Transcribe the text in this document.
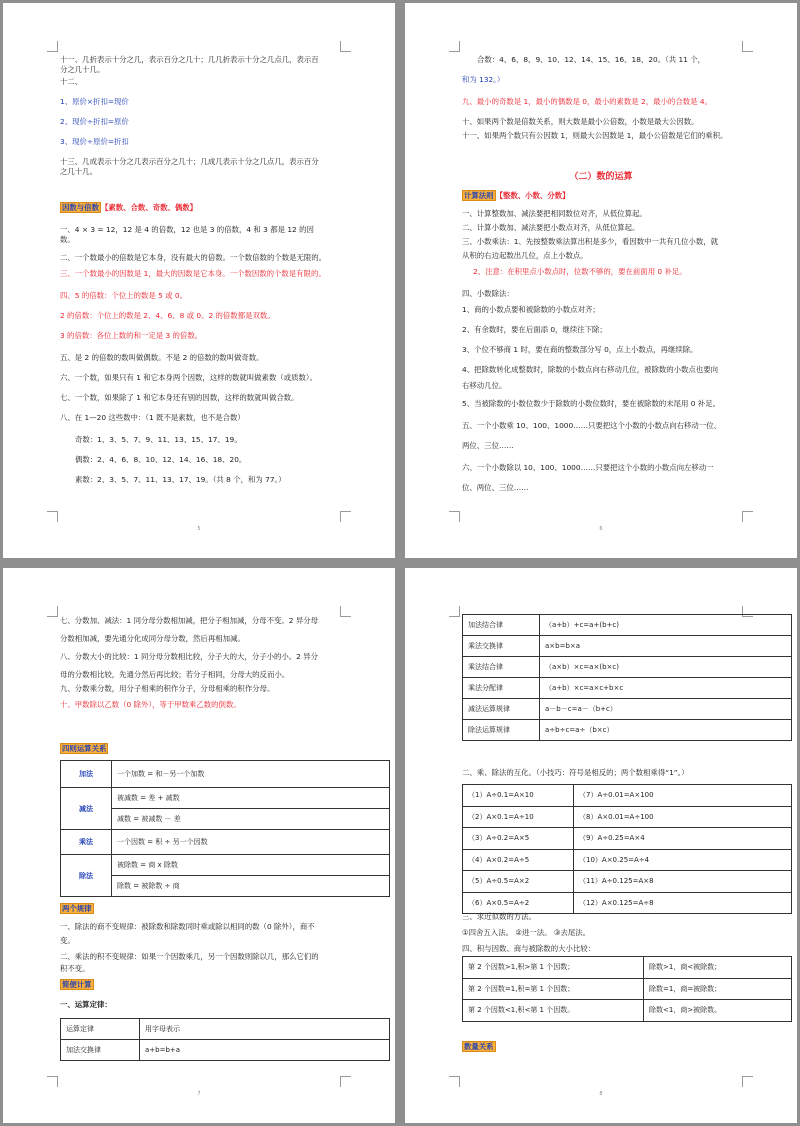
十一、几折表示十分之几，表示百分之几十；几几折表示十分之几点几，表示百
分之几十几。
十二、
1、原价×折扣=现价
2、现价÷折扣=原价
3、现价÷原价=折扣
十三、几成表示十分之几表示百分之几十；几成几表示十分之几点几，表示百分
之几十几。
因数与倍数 【素数、合数、奇数、偶数】
一、4 × 3 = 12，12 是 4 的倍数，12 也是 3 的倍数，4 和 3 都是 12 的因
数。
二、一个数最小的倍数是它本身，没有最大的倍数。一个数倍数的个数是无限的。
三、一个数最小的因数是 1，最大的因数是它本身。一个数因数的个数是有限的。
四、5 的倍数：个位上的数是 5 或 0。
2 的倍数：个位上的数是 2、4、6、8 或 0。2 的倍数都是双数。
3 的倍数：各位上数的和一定是 3 的倍数。
五、是 2 的倍数的数叫做偶数。不是 2 的倍数的数叫做奇数。
六、一个数，如果只有 1 和它本身两个因数，这样的数就叫做素数（或质数）。
七、一个数，如果除了 1 和它本身还有别的因数，这样的数就叫做合数。
八、在 1—20 这些数中：（1 既不是素数，也不是合数）
奇数：1、3、5、7、9、11、13、15、17、19。
偶数：2、4、6、8、10、12、14、16、18、20。
素数：2、3、5、7、11、13、17、19。（共 8 个，和为 77。）
5
合数：4、6、8、9、10、12、14、15、16、18、20。（共 11 个，
和为 132。）
九、最小的奇数是 1，最小的偶数是 0，最小的素数是 2，最小的合数是 4。
十、如果两个数是倍数关系，则大数是最小公倍数，小数是最大公因数。
十一、如果两个数只有公因数 1，则最大公因数是 1，最小公倍数是它们的乘积。
（二）数的运算
计算法则 【整数、小数、分数】
一、计算整数加、减法要把相同数位对齐，从低位算起。
二、计算小数加、减法要把小数点对齐，从低位算起。
三、小数乘法：1、先按整数乘法算出积是多少，看因数中一共有几位小数，就
从积的右边起数出几位，点上小数点。
2、注意：在积里点小数点时，位数不够的，要在前面用 0 补足。
四、小数除法：
1、商的小数点要和被除数的小数点对齐；
2、有余数时，要在后面添 0，继续往下除；
3、个位不够商 1 时，要在商的整数部分写 0，点上小数点，再继续除。
4、把除数转化成整数时，除数的小数点向右移动几位，被除数的小数点也要向
右移动几位。
5、当被除数的小数位数少于除数的小数位数时，要在被除数的末尾用 0 补足。
五、一个小数乘 10、100、1000……只要把这个小数的小数点向右移动一位、
两位、三位……
六、一个小数除以 10、100、1000……只要把这个小数的小数点向左移动一
位、两位、三位……
6
七、分数加、减法：1 同分母分数相加减，把分子相加减，分母不变。2 异分母
分数相加减，要先通分化成同分母分数，然后再相加减。
八、分数大小的比较：1 同分母分数相比较，分子大的大，分子小的小。2 异分
母的分数相比较，先通分然后再比较；若分子相同，分母大的反而小。
九、分数乘分数，用分子相乘的积作分子，分母相乘的积作分母。
十、甲数除以乙数（0 除外），等于甲数乘乙数的倒数。
四则运算关系
加法	一个加数 = 和－另一个加数
减法	被减数 = 差 + 减数
	减数 = 被减数 － 差
乘法	一个因数 = 积 ÷ 另一个因数
除法	被除数 = 商 x 除数
	除数 = 被除数 ÷ 商
两个规律
一、除法的商不变规律：被除数和除数同时乘或除以相同的数（0 除外），商不
变。
二、乘法的积不变规律：如果一个因数乘几，另一个因数则除以几，那么它们的
积不变。
简便计算
一、运算定律：
运算定律	用字母表示
加法交换律	a+b=b+a
7
加法结合律	（a+b）+c=a+(b+c)
乘法交换律	a×b=b×a
乘法结合律	（a×b）×c=a×(b×c)
乘法分配律	（a+b）×c=a×c+b×c
减法运算规律	a－b－c=a－（b+c）
除法运算规律	a÷b÷c=a÷（b×c）
二、乘、除法的互化。（小技巧：符号是相反的；两个数相乘得“1”。）
（1）A÷0.1=A×10	（7）A÷0.01=A×100
（2）A×0.1=A÷10	（8）A×0.01=A÷100
（3）A÷0.2=A×5	（9）A÷0.25=A×4
（4）A×0.2=A÷5	（10）A×0.25=A÷4
（5）A÷0.5=A×2	（11）A÷0.125=A×8
（6）A×0.5=A÷2	（12）A×0.125=A÷8
三、求近似数的方法。
①四舍五入法。 ②进一法。 ③去尾法。
四、积与因数、商与被除数的大小比较：
第 2 个因数>1,积>第 1 个因数；	除数>1，商<被除数；
第 2 个因数=1,积=第 1 个因数；	除数=1，商=被除数；
第 2 个因数<1,积<第 1 个因数。	除数<1，商>被除数。
数量关系
8
